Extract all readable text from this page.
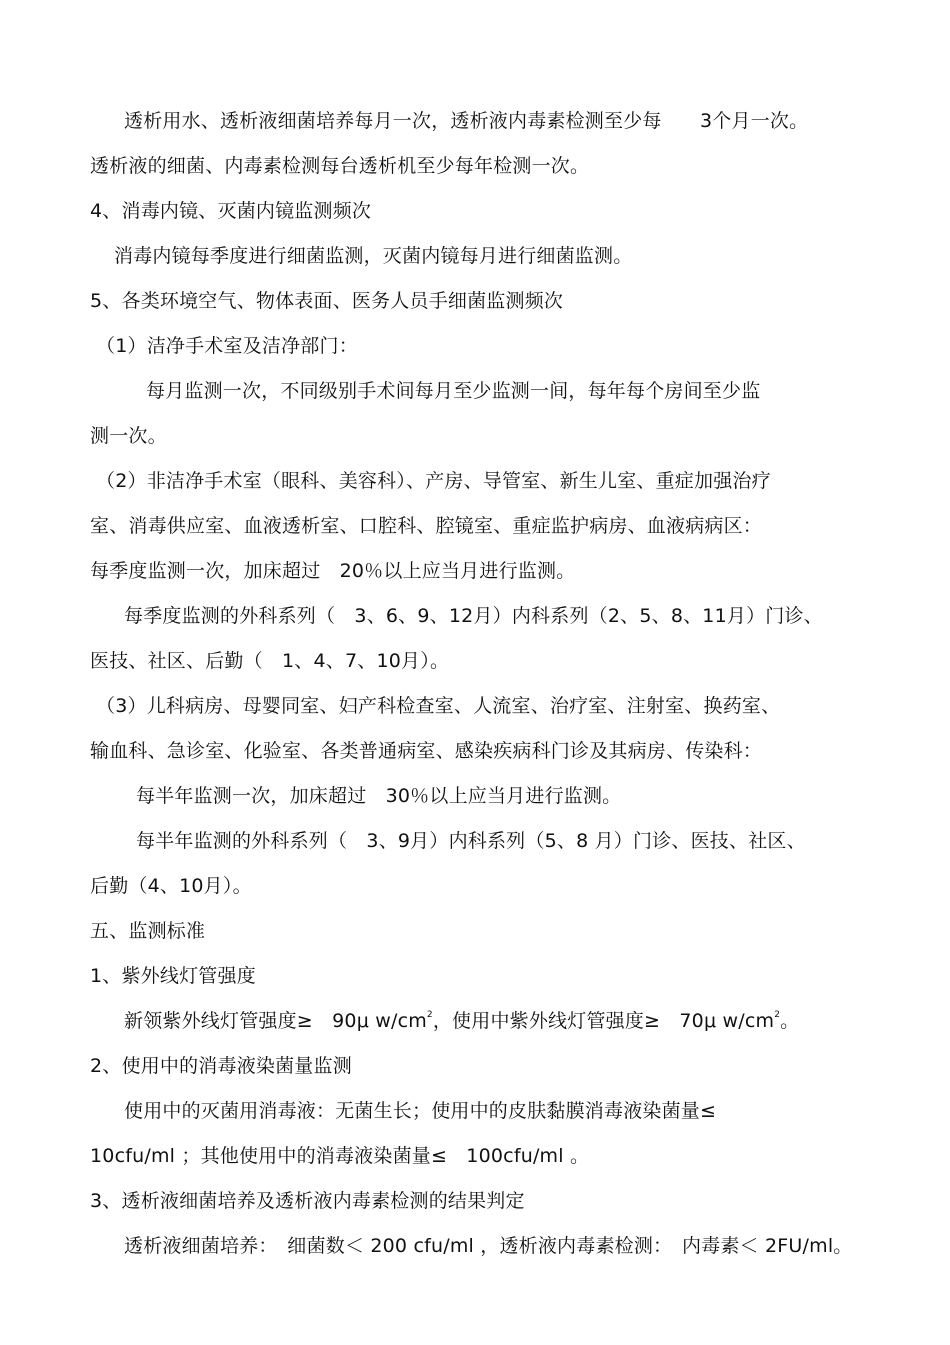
透析用水、透析液细菌培养每月一次，透析液内毒素检测至少每　　3个月一次。
透析液的细菌、内毒素检测每台透析机至少每年检测一次。
4、消毒内镜、灭菌内镜监测频次
消毒内镜每季度进行细菌监测，灭菌内镜每月进行细菌监测。
5、各类环境空气、物体表面、医务人员手细菌监测频次
（1）洁净手术室及洁净部门：
每月监测一次，不同级别手术间每月至少监测一间，每年每个房间至少监
测一次。
（2）非洁净手术室（眼科、美容科）、产房、导管室、新生儿室、重症加强治疗
室、消毒供应室、血液透析室、口腔科、腔镜室、重症监护病房、血液病病区：
每季度监测一次，加床超过　20％以上应当月进行监测。
每季度监测的外科系列（　3、6、9、12月）内科系列（2、5、8、11月）门诊、
医技、社区、后勤（　1、4、7、10月）。
（3）儿科病房、母婴同室、妇产科检查室、人流室、治疗室、注射室、换药室、
输血科、急诊室、化验室、各类普通病室、感染疾病科门诊及其病房、传染科：
每半年监测一次，加床超过　30％以上应当月进行监测。
每半年监测的外科系列（　3、9月）内科系列（5、8 月）门诊、医技、社区、
后勤（4、10月）。
五、监测标准
1、紫外线灯管强度
新领紫外线灯管强度≥　90μ $w/cm^2$，使用中紫外线灯管强度≥　70μ $w/cm^2$。
2、使用中的消毒液染菌量监测
使用中的灭菌用消毒液：无菌生长；使用中的皮肤黏膜消毒液染菌量≤
10cfu/ml ；其他使用中的消毒液染菌量≤　100cfu/ml 。
3、透析液细菌培养及透析液内毒素检测的结果判定
透析液细菌培养：　细菌数＜ 200 cfu/ml ，透析液内毒素检测：　内毒素＜ 2FU/ml。
